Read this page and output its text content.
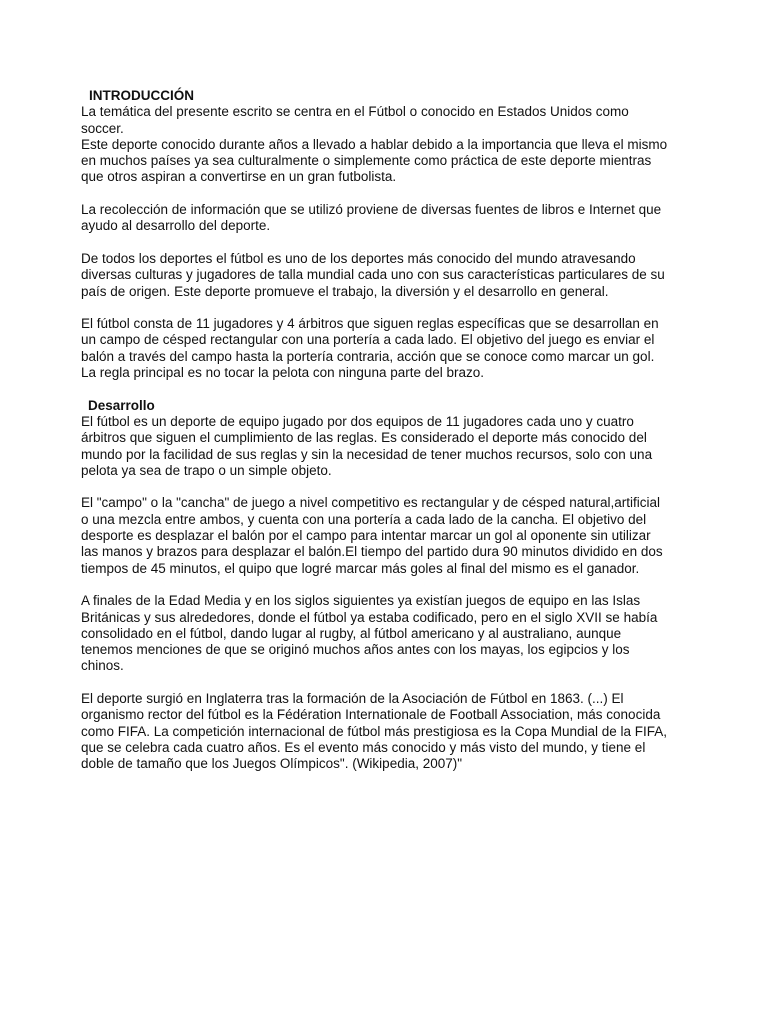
INTRODUCCIÓN
La temática del presente escrito se centra en el Fútbol o conocido en Estados Unidos como
soccer.
Este deporte conocido durante años a llevado a hablar debido a la importancia que lleva el mismo
en muchos países ya sea culturalmente o simplemente como práctica de este deporte mientras
que otros aspiran a convertirse en un gran futbolista.
La recolección de información que se utilizó proviene de diversas fuentes de libros e Internet que
ayudo al desarrollo del deporte.
De todos los deportes el fútbol es uno de los deportes más conocido del mundo atravesando
diversas culturas y jugadores de talla mundial cada uno con sus características particulares de su
país de origen. Este deporte promueve el trabajo, la diversión y el desarrollo en general.
El fútbol consta de 11 jugadores y 4 árbitros que siguen reglas específicas que se desarrollan en
un campo de césped rectangular con una portería a cada lado. El objetivo del juego es enviar el
balón a través del campo hasta la portería contraria, acción que se conoce como marcar un gol.
La regla principal es no tocar la pelota con ninguna parte del brazo.
Desarrollo
El fútbol es un deporte de equipo jugado por dos equipos de 11 jugadores cada uno y cuatro
árbitros que siguen el cumplimiento de las reglas. Es considerado el deporte más conocido del
mundo por la facilidad de sus reglas y sin la necesidad de tener muchos recursos, solo con una
pelota ya sea de trapo o un simple objeto.
El "campo" o la "cancha" de juego a nivel competitivo es rectangular y de césped natural,artificial
o una mezcla entre ambos, y cuenta con una portería a cada lado de la cancha. El objetivo del
desporte es desplazar el balón por el campo para intentar marcar un gol al oponente sin utilizar
las manos y brazos para desplazar el balón.El tiempo del partido dura 90 minutos dividido en dos
tiempos de 45 minutos, el quipo que logré marcar más goles al final del mismo es el ganador.
A finales de la Edad Media y en los siglos siguientes ya existían juegos de equipo en las Islas
Británicas y sus alrededores, donde el fútbol ya estaba codificado, pero en el siglo XVII se había
consolidado en el fútbol, dando lugar al rugby, al fútbol americano y al australiano, aunque
tenemos menciones de que se originó muchos años antes con los mayas, los egipcios y los
chinos.
El deporte surgió en Inglaterra tras la formación de la Asociación de Fútbol en 1863. (...) El
organismo rector del fútbol es la Fédération Internationale de Football Association, más conocida
como FIFA. La competición internacional de fútbol más prestigiosa es la Copa Mundial de la FIFA,
que se celebra cada cuatro años. Es el evento más conocido y más visto del mundo, y tiene el
doble de tamaño que los Juegos Olímpicos". (Wikipedia, 2007)"
